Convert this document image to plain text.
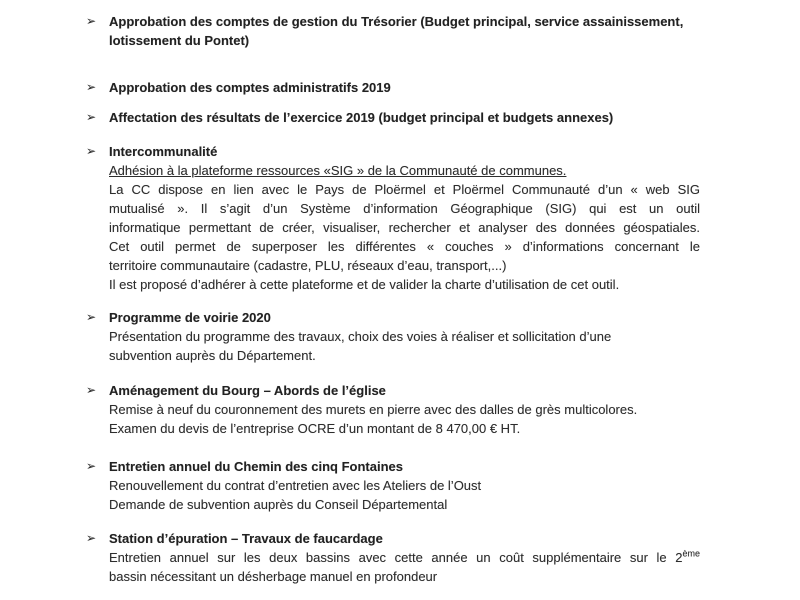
➢ Approbation des comptes de gestion du Trésorier (Budget principal, service assainissement,
lotissement du Pontet)
➢ Approbation des comptes administratifs 2019
➢ Affectation des résultats de l’exercice 2019 (budget principal et budgets annexes)
➢ Intercommunalité
Adhésion à la plateforme ressources «SIG » de la Communauté de communes.
La CC dispose en lien avec le Pays de Ploërmel et Ploërmel Communauté d’un « web SIG
mutualisé ». Il s’agit d’un Système d’information Géographique (SIG) qui est un outil
informatique permettant de créer, visualiser, rechercher et analyser des données géospatiales.
Cet outil permet de superposer les différentes « couches » d’informations concernant le
territoire communautaire (cadastre, PLU, réseaux d’eau, transport,...)
Il est proposé d’adhérer à cette plateforme et de valider la charte d’utilisation de cet outil.
➢ Programme de voirie 2020
Présentation du programme des travaux, choix des voies à réaliser et sollicitation d’une
subvention auprès du Département.
➢ Aménagement du Bourg – Abords de l’église
Remise à neuf du couronnement des murets en pierre avec des dalles de grès multicolores.
Examen du devis de l’entreprise OCRE d’un montant de 8 470,00 € HT.
➢ Entretien annuel du Chemin des cinq Fontaines
Renouvellement du contrat d’entretien avec les Ateliers de l’Oust
Demande de subvention auprès du Conseil Départemental
➢ Station d’épuration – Travaux de faucardage
Entretien annuel sur les deux bassins avec cette année un coût supplémentaire sur le 2ème
bassin nécessitant un désherbage manuel en profondeur
